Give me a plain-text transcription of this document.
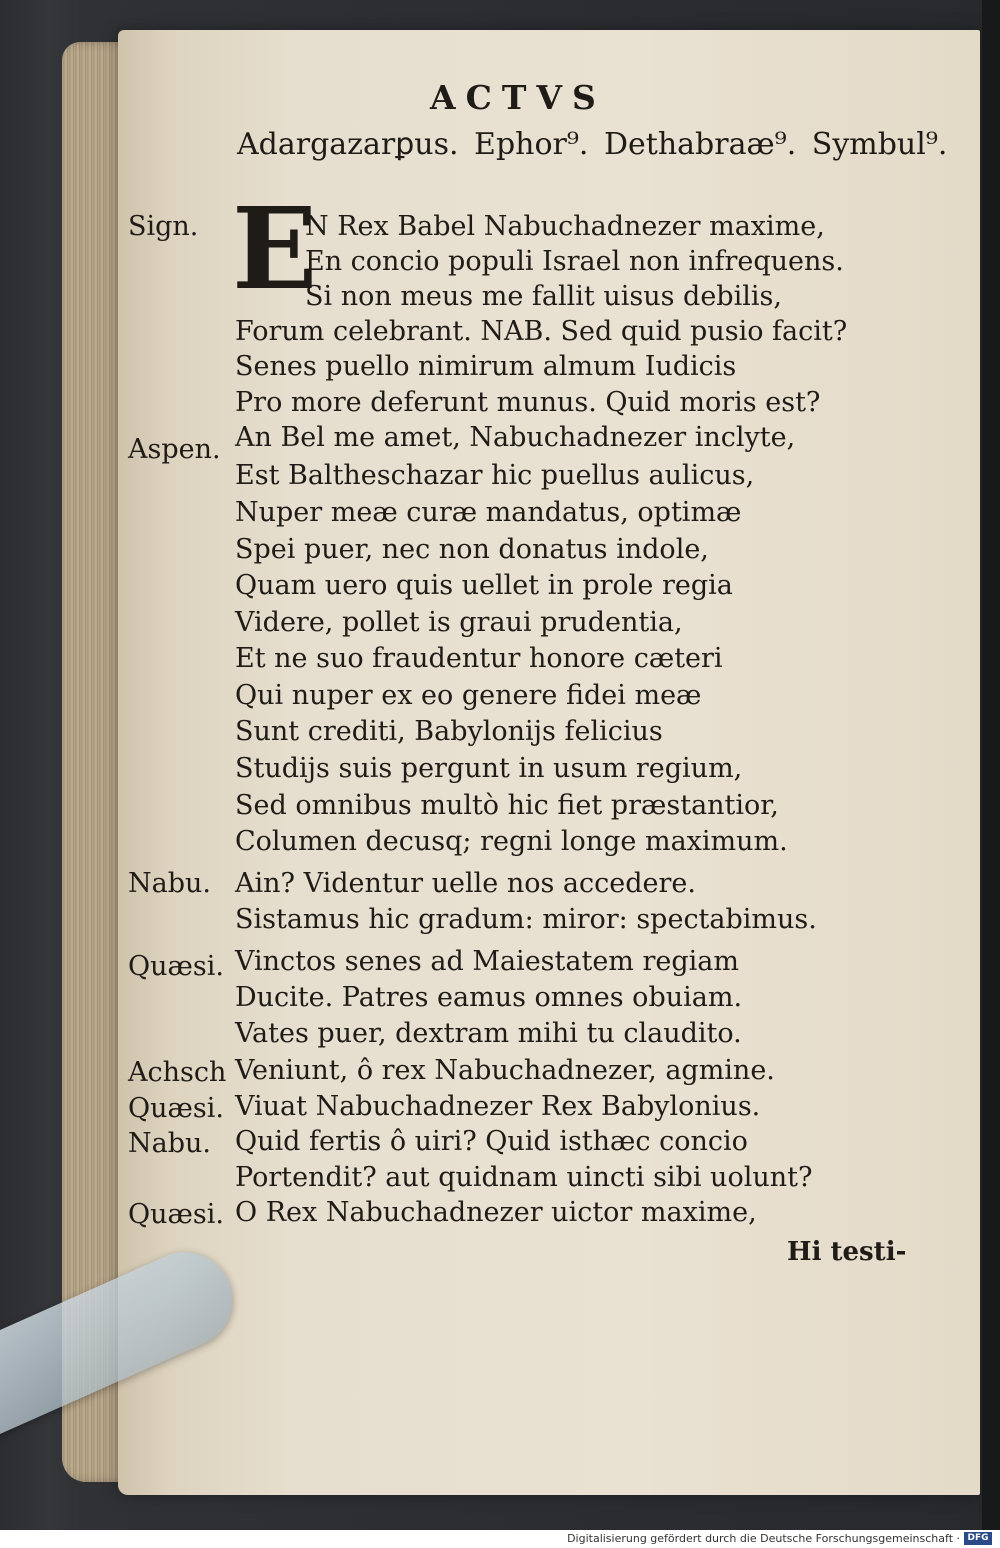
ACTVS
Adargazarꝑus. Ephor⁹. Dethabraæ⁹. Symbul⁹.
E
Sign.
Aspen.
Nabu.
Quæsi.
Achsch
Quæsi.
Nabu.
Quæsi.
N Rex Babel Nabuchadnezer maxime,
En concio populi Israel non infrequens.
Si non meus me fallit uisus debilis,
Forum celebrant. NAB. Sed quid pusio facit?
Senes puello nimirum almum Iudicis
Pro more deferunt munus. Quid moris est?
An Bel me amet, Nabuchadnezer inclyte,
Est Baltheschazar hic puellus aulicus,
Nuper meæ curæ mandatus, optimæ
Spei puer, nec non donatus indole,
Quam uero quis uellet in prole regia
Videre, pollet is graui prudentia,
Et ne suo fraudentur honore cæteri
Qui nuper ex eo genere fidei meæ
Sunt crediti, Babylonijs felicius
Studijs suis pergunt in usum regium,
Sed omnibus multò hic fiet præstantior,
Columen decusq; regni longe maximum.
Ain? Videntur uelle nos accedere.
Sistamus hic gradum: miror: spectabimus.
Vinctos senes ad Maiestatem regiam
Ducite. Patres eamus omnes obuiam.
Vates puer, dextram mihi tu claudito.
Veniunt, ô rex Nabuchadnezer, agmine.
Viuat Nabuchadnezer Rex Babylonius.
Quid fertis ô uiri? Quid isthæc concio
Portendit? aut quidnam uincti sibi uolunt?
O Rex Nabuchadnezer uictor maxime,
Hi testi-
Digitalisierung gefördert durch die Deutsche Forschungsgemeinschaft · DFG
